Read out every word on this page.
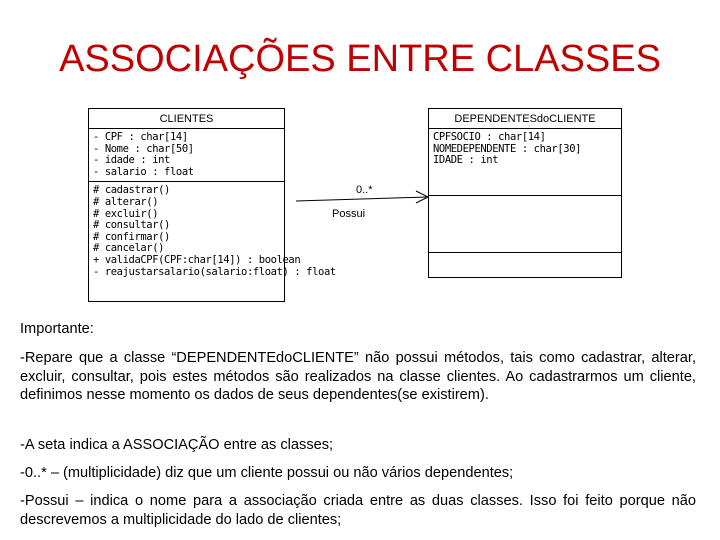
ASSOCIAÇÕES ENTRE CLASSES
CLIENTES
- CPF : char[14]
- Nome : char[50]
- idade : int
- salario : float
# cadastrar()
# alterar()
# excluir()
# consultar()
# confirmar()
# cancelar()
+ validaCPF(CPF:char[14]) : boolean
- reajustarsalario(salario:float) : float
DEPENDENTESdoCLIENTE
CPFSOCIO : char[14]
NOMEDEPENDENTE : char[30]
IDADE : int
0..*
Possui
Importante:
-Repare que a classe “DEPENDENTEdoCLIENTE” não possui métodos, tais como cadastrar, alterar, excluir, consultar, pois estes métodos são realizados na classe clientes. Ao cadastrarmos um cliente, definimos nesse momento os dados de seus dependentes(se existirem).
-A seta indica a ASSOCIAÇÃO entre as classes;
-0..* – (multiplicidade) diz que um cliente possui ou não vários dependentes;
-Possui – indica o nome para a associação criada entre as duas classes. Isso foi feito porque não descrevemos a multiplicidade do lado de clientes;
